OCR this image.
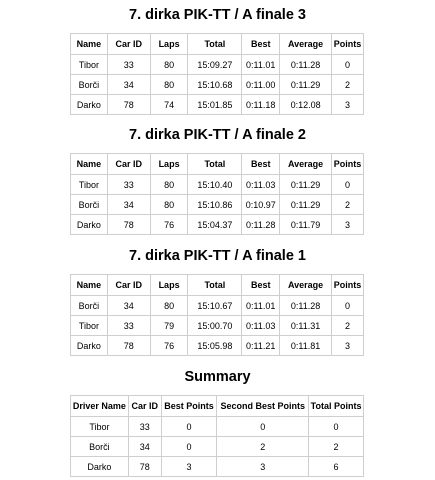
7. dirka PIK-TT / A finale 3
Name	Car ID	Laps	Total	Best	Average	Points
Tibor	33	80	15:09.27	0:11.01	0:11.28	0
Borči	34	80	15:10.68	0:11.00	0:11.29	2
Darko	78	74	15:01.85	0:11.18	0:12.08	3
7. dirka PIK-TT / A finale 2
Name	Car ID	Laps	Total	Best	Average	Points
Tibor	33	80	15:10.40	0:11.03	0:11.29	0
Borči	34	80	15:10.86	0:10.97	0:11.29	2
Darko	78	76	15:04.37	0:11.28	0:11.79	3
7. dirka PIK-TT / A finale 1
Name	Car ID	Laps	Total	Best	Average	Points
Borči	34	80	15:10.67	0:11.01	0:11.28	0
Tibor	33	79	15:00.70	0:11.03	0:11.31	2
Darko	78	76	15:05.98	0:11.21	0:11.81	3
Summary
Driver Name	Car ID	Best Points	Second Best Points	Total Points
Tibor	33	0	0	0
Borči	34	0	2	2
Darko	78	3	3	6
